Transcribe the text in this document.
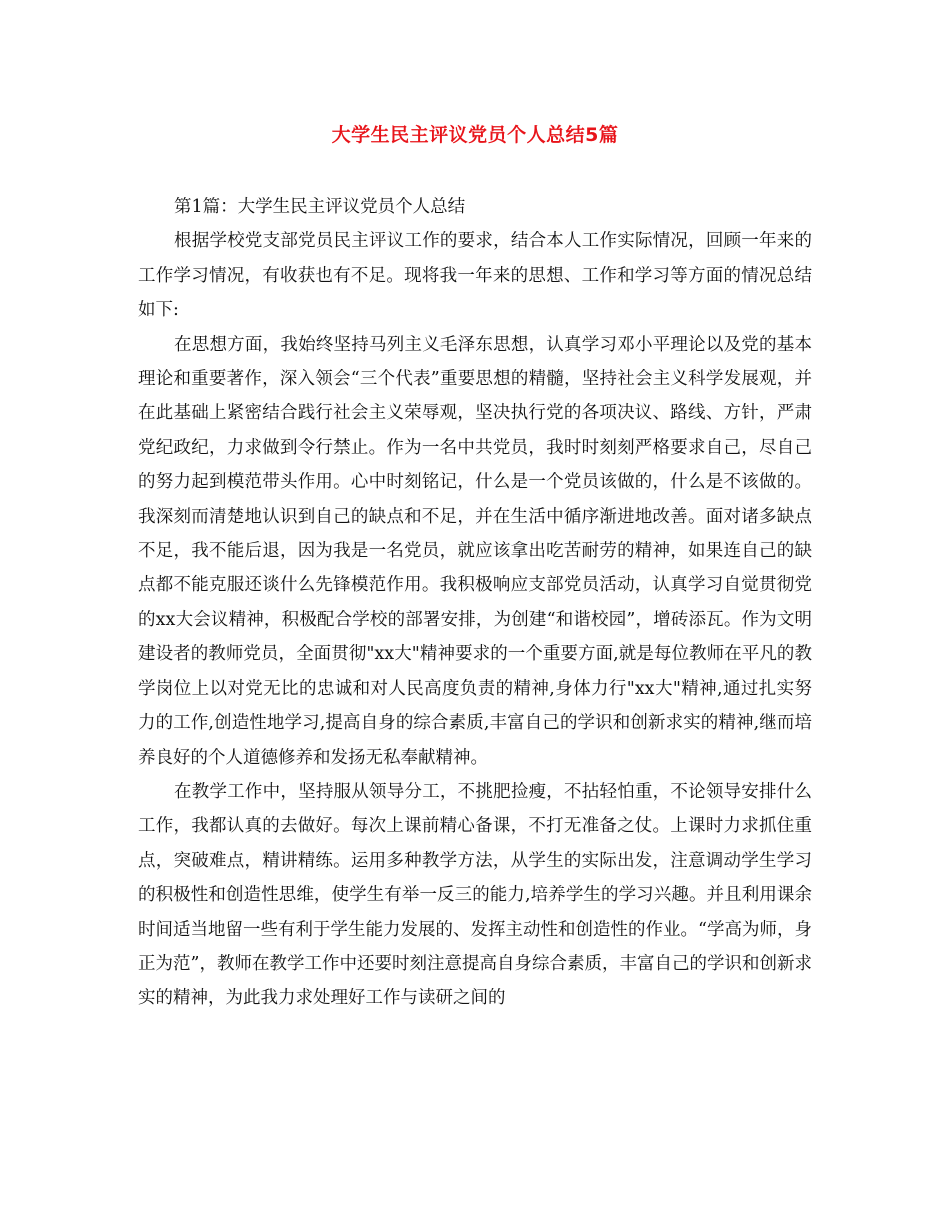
大学生民主评议党员个人总结5篇

第1篇：大学生民主评议党员个人总结

根据学校党支部党员民主评议工作的要求，结合本人工作实际情况，回顾一年来的工作学习情况，有收获也有不足。现将我一年来的思想、工作和学习等方面的情况总结如下:

在思想方面，我始终坚持马列主义毛泽东思想，认真学习邓小平理论以及党的基本理论和重要著作，深入领会“三个代表”重要思想的精髓，坚持社会主义科学发展观，并在此基础上紧密结合践行社会主义荣辱观，坚决执行党的各项决议、路线、方针，严肃党纪政纪，力求做到令行禁止。作为一名中共党员，我时时刻刻严格要求自己，尽自己的努力起到模范带头作用。心中时刻铭记，什么是一个党员该做的，什么是不该做的。我深刻而清楚地认识到自己的缺点和不足，并在生活中循序渐进地改善。面对诸多缺点不足，我不能后退，因为我是一名党员，就应该拿出吃苦耐劳的精神，如果连自己的缺点都不能克服还谈什么先锋模范作用。我积极响应支部党员活动，认真学习自觉贯彻党的xx大会议精神，积极配合学校的部署安排，为创建“和谐校园”，增砖添瓦。作为文明建设者的教师党员，全面贯彻"xx大"精神要求的一个重要方面,就是每位教师在平凡的教学岗位上以对党无比的忠诚和对人民高度负责的精神,身体力行"xx大"精神,通过扎实努力的工作,创造性地学习,提高自身的综合素质,丰富自己的学识和创新求实的精神,继而培养良好的个人道德修养和发扬无私奉献精神。

在教学工作中，坚持服从领导分工，不挑肥捡瘦，不拈轻怕重，不论领导安排什么工作，我都认真的去做好。每次上课前精心备课，不打无准备之仗。上课时力求抓住重点，突破难点，精讲精练。运用多种教学方法，从学生的实际出发，注意调动学生学习的积极性和创造性思维，使学生有举一反三的能力,培养学生的学习兴趣。并且利用课余时间适当地留一些有利于学生能力发展的、发挥主动性和创造性的作业。“学高为师，身正为范”，教师在教学工作中还要时刻注意提高自身综合素质，丰富自己的学识和创新求实的精神，为此我力求处理好工作与读研之间的
